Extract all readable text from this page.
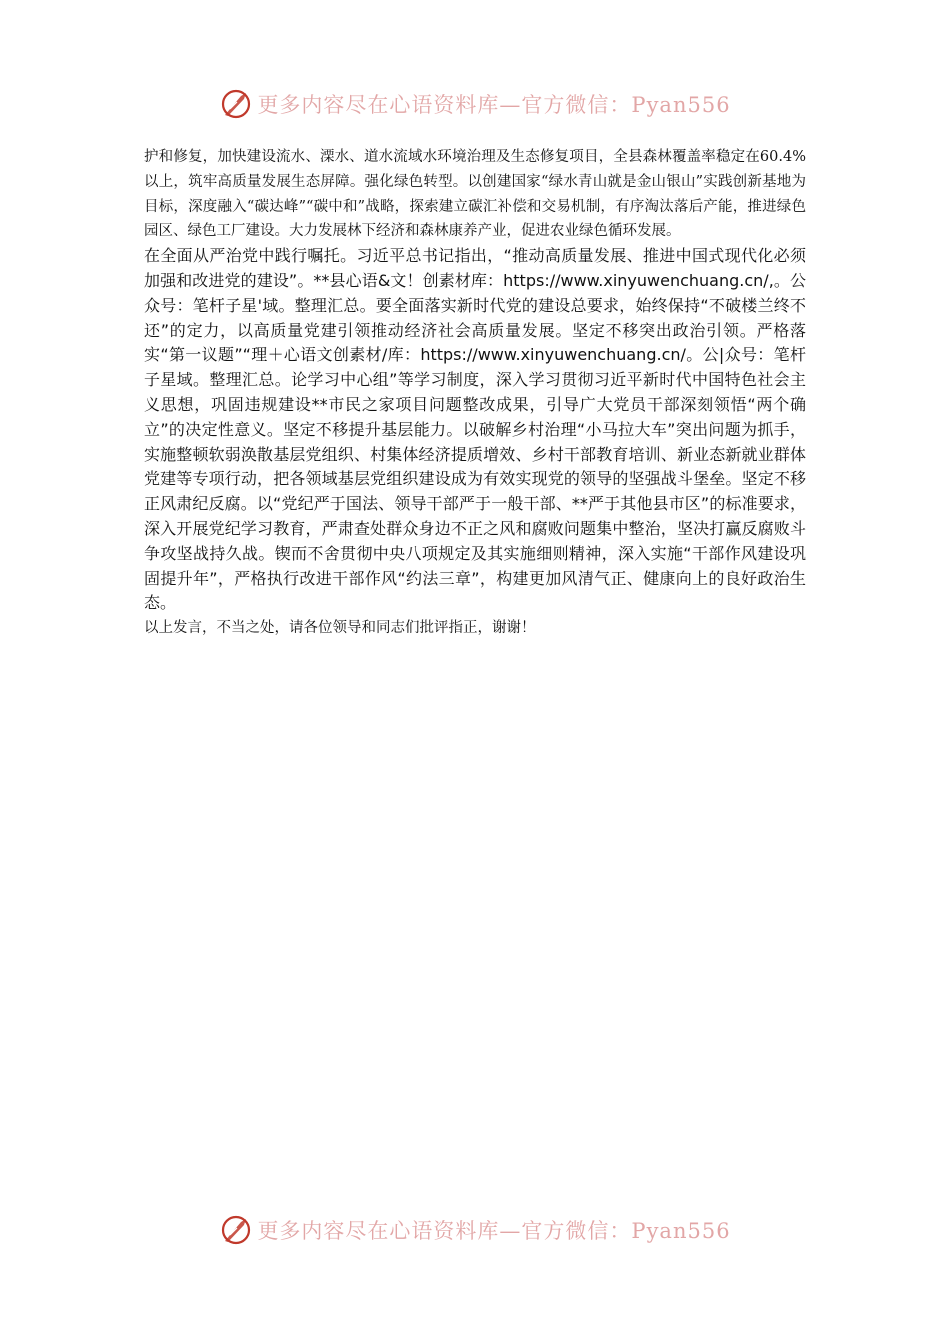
更多内容尽在心语资料库—官方微信：Pyan556

护和修复，加快建设流水、溧水、道水流域水环境治理及生态修复项目，全县森林覆盖率稳定在60.4%以上，筑牢高质量发展生态屏障。强化绿色转型。以创建国家“绿水青山就是金山银山”实践创新基地为目标，深度融入“碳达峰”“碳中和”战略，探索建立碳汇补偿和交易机制，有序淘汰落后产能，推进绿色园区、绿色工厂建设。大力发展林下经济和森林康养产业，促进农业绿色循环发展。

在全面从严治党中践行嘱托。习近平总书记指出，“推动高质量发展、推进中国式现代化必须加强和改进党的建设”。**县心语&文！创素材库：https://www.xinyuwenchuang.cn/,。公众号：笔杆子星'域。整理汇总。要全面落实新时代党的建设总要求，始终保持“不破楼兰终不还”的定力，以高质量党建引领推动经济社会高质量发展。坚定不移突出政治引领。严格落实“第一议题”“理＋心语文创素材/库：https://www.xinyuwenchuang.cn/。公|众号：笔杆子星域。整理汇总。论学习中心组”等学习制度，深入学习贯彻习近平新时代中国特色社会主义思想，巩固违规建设**市民之家项目问题整改成果，引导广大党员干部深刻领悟“两个确立”的决定性意义。坚定不移提升基层能力。以破解乡村治理“小马拉大车”突出问题为抓手，实施整顿软弱涣散基层党组织、村集体经济提质增效、乡村干部教育培训、新业态新就业群体党建等专项行动，把各领域基层党组织建设成为有效实现党的领导的坚强战斗堡垒。坚定不移正风肃纪反腐。以“党纪严于国法、领导干部严于一般干部、**严于其他县市区”的标准要求，深入开展党纪学习教育，严肃查处群众身边不正之风和腐败问题集中整治，坚决打赢反腐败斗争攻坚战持久战。锲而不舍贯彻中央八项规定及其实施细则精神，深入实施“干部作风建设巩固提升年”，严格执行改进干部作风“约法三章”，构建更加风清气正、健康向上的良好政治生态。

以上发言，不当之处，请各位领导和同志们批评指正，谢谢！

更多内容尽在心语资料库—官方微信：Pyan556
